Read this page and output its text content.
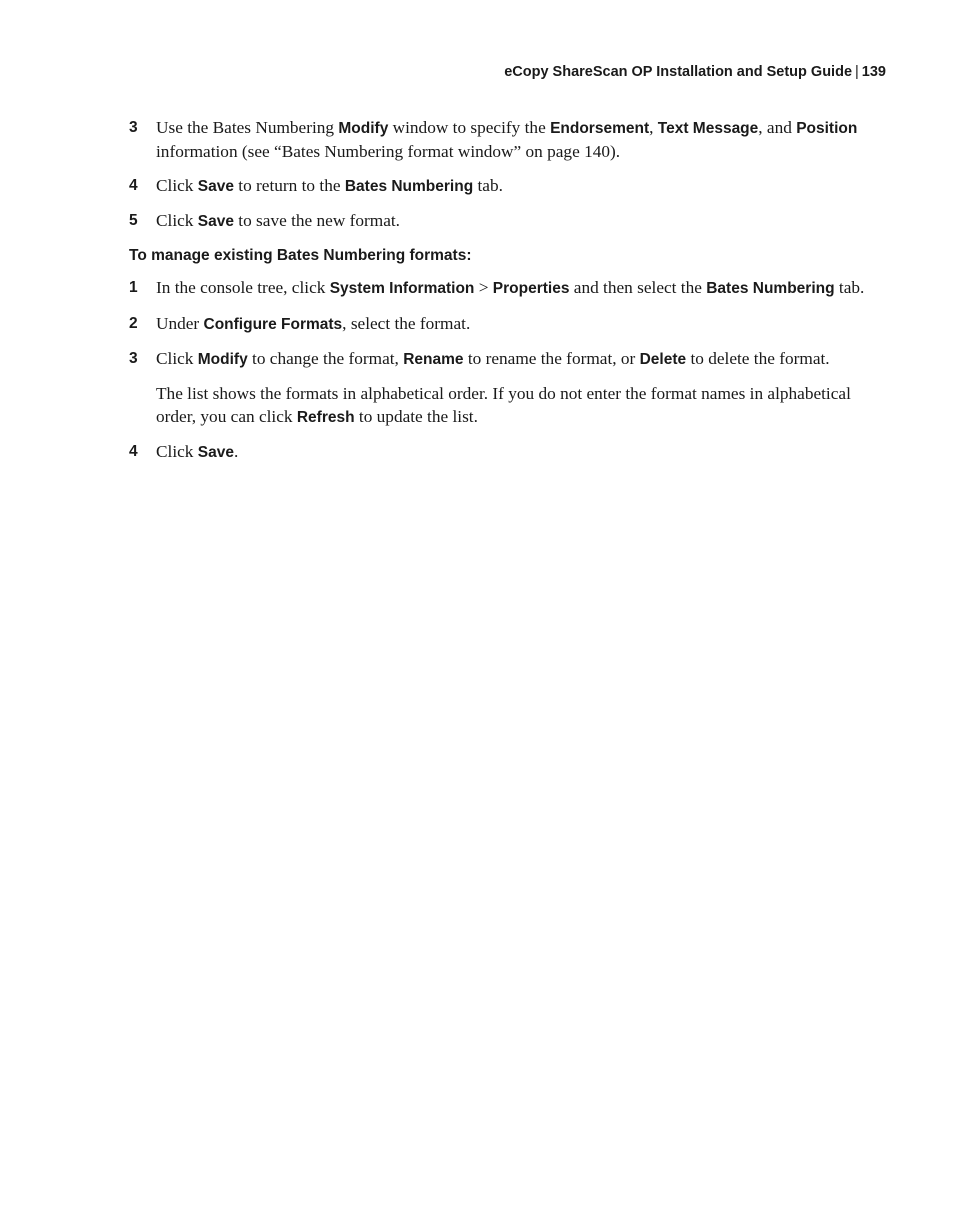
eCopy ShareScan OP Installation and Setup Guide | 139
3 Use the Bates Numbering Modify window to specify the Endorsement, Text Message, and Position information (see “Bates Numbering format window” on page 140).
4 Click Save to return to the Bates Numbering tab.
5 Click Save to save the new format.
To manage existing Bates Numbering formats:
1 In the console tree, click System Information > Properties and then select the Bates Numbering tab.
2 Under Configure Formats, select the format.
3 Click Modify to change the format, Rename to rename the format, or Delete to delete the format.
The list shows the formats in alphabetical order. If you do not enter the format names in alphabetical order, you can click Refresh to update the list.
4 Click Save.
